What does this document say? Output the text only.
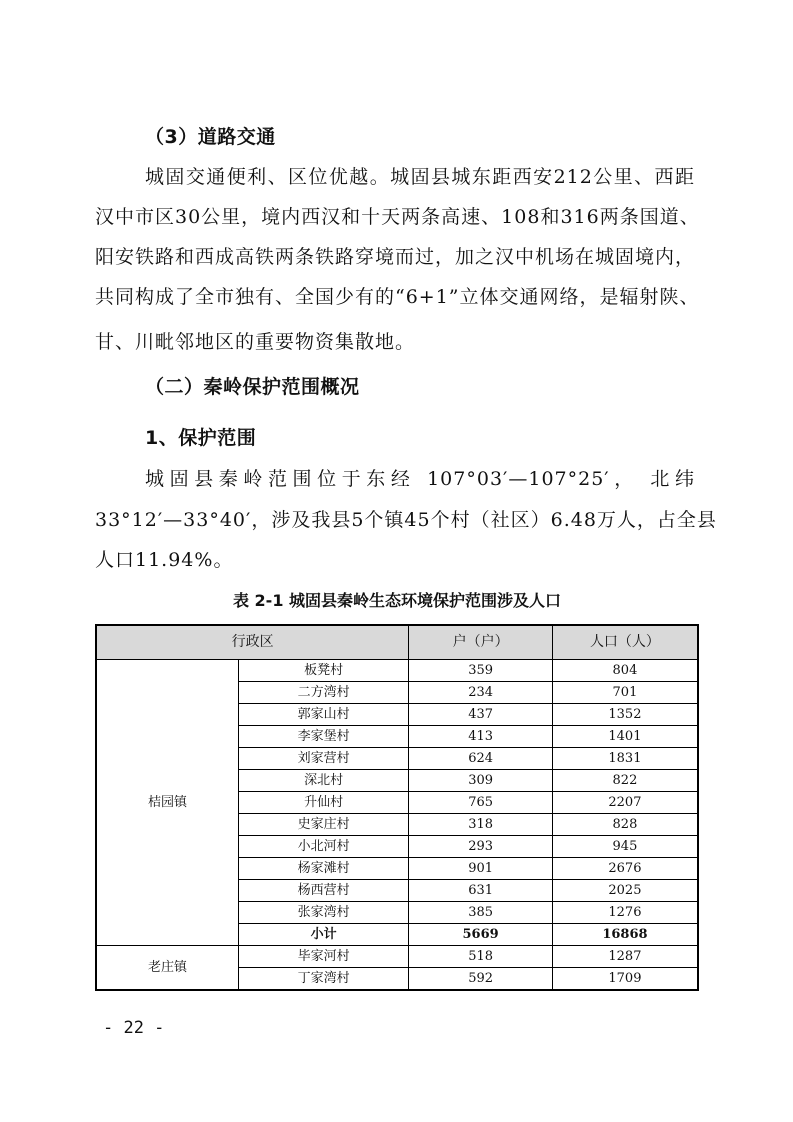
（3）道路交通

城固交通便利、区位优越。城固县城东距西安212公里、西距

汉中市区30公里，境内西汉和十天两条高速、108和316两条国道、

阳安铁路和西成高铁两条铁路穿境而过，加之汉中机场在城固境内，

共同构成了全市独有、全国少有的“6+1”立体交通网络，是辐射陕、

甘、川毗邻地区的重要物资集散地。

（二）秦岭保护范围概况
1、保护范围

城固县秦岭范围位于东经 107°03′—107°25′， 北纬

33°12′—33°40′，涉及我县5个镇45个村（社区）6.48万人，占全县

人口11.94%。

表 2-1 城固县秦岭生态环境保护范围涉及人口

行政区		户（户）	人口（人）
桔园镇	板凳村	359	804
	二方湾村	234	701
	郭家山村	437	1352
	李家堡村	413	1401
	刘家营村	624	1831
	深北村	309	822
	升仙村	765	2207
	史家庄村	318	828
	小北河村	293	945
	杨家滩村	901	2676
	杨西营村	631	2025
	张家湾村	385	1276
	小计	5669	16868
老庄镇	毕家河村	518	1287
	丁家湾村	592	1709

- 22 -
